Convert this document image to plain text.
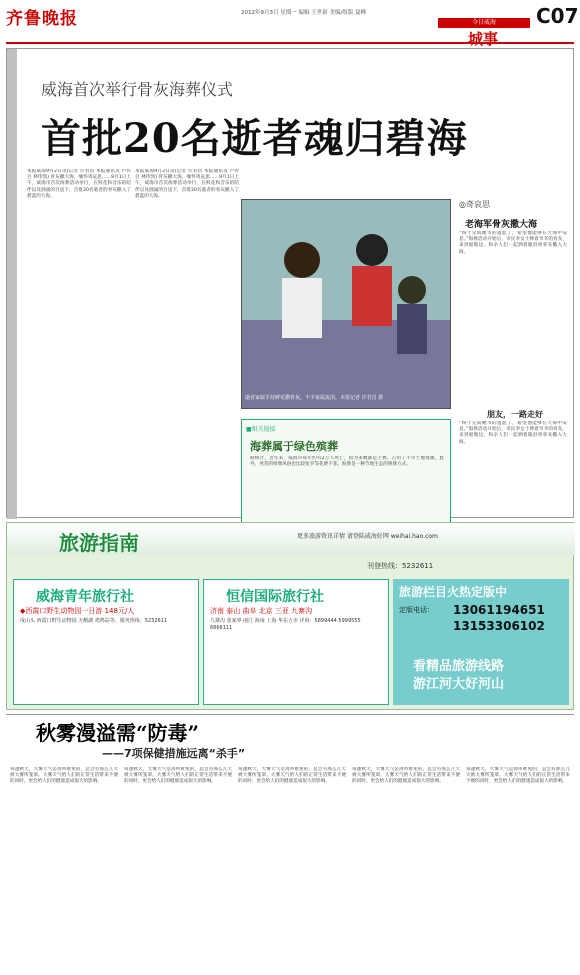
齐鲁晚报	2012年9月3日 星期一 编辑 王世新 美编/组版 夏峰
今日威海
城事
C07
威海首次举行骨灰海葬仪式
首批20名逝者魂归碧海
本报威海9月2日讯(记者 许君昌 本报通讯员 卢传 目 林伟凯) 骨灰撒大海，缅怀寄哀思……9月1日上午，威海市首次海葬活动举行，在鲜花和音乐的陪伴以及汹涌的目送下，首批20名逝者的骨灰撒入了碧蓝的大海。
本报威海9月2日讯(记者 许君昌 本报通讯员 卢传 目 林伟凯) 骨灰撒大海，缅怀寄哀思……9月1日上午，威海市首次海葬活动举行，在鲜花和音乐的陪伴以及汹涌的目送下，首批20名逝者的骨灰撒入了碧蓝的大海。
逝者家属手持鲜花撒骨灰，不少家属流泪。本报记者 许君昌 摄
◎奇哀思
老海军骨灰撒大海
“终于完成她爷的遗愿了，希望他能够在大海中安息。”海葬活动开始后，市民李女士捧着爷爷的骨灰，来到船舱边，和亲人们一起洒着眼泪将骨灰撒入大海。
朋友，一路走好
“终于完成她爷的遗愿了，希望他能够在大海中安息。”海葬活动开始后，市民李女士捧着爷爷的骨灰，来到船舱边，和亲人们一起洒着眼泪将骨灰撒入大海。
■相关链接
海葬属于绿色殡葬
据统计，近年来，威海市每年约有2万人死亡，因为多数都是土葬，占用了不少土地资源。此外，死者的殡葬风俗也比较张罗等花费不菲。海葬是一种节地生态的殡葬方式。
旅游指南	更多旅游资讯详情 请登陆威海好网 weihai.hao.com
刊登热线：5232611
威海青年旅行社
◆西霞口野生动物园一日游 148元/人
成山头 西霞口野生动物园 天鹅湖 鸡鸣岛等。服务热线：5232611
恒信国际旅行社
济南 泰山 曲阜 北京 三亚 九寨沟
九寨沟 张家界 丽江 海南 上海 华东五市 详询：5899444 5999555 6866111
旅游栏目火热定版中
定版电话： 13061194651
13153306102
看精品旅游线路
游江河大好河山
秋雾漫溢需“防毒”
——7项保健措施远离“杀手”
每逢秋天，大雾天气是再所难免的，总会有那么几天被大雾所笼罩。大雾天气给人们的正常生活带来不便的同时，更会给人们的健康造成很大的影响。
每逢秋天，大雾天气是再所难免的，总会有那么几天被大雾所笼罩。大雾天气给人们的正常生活带来不便的同时，更会给人们的健康造成很大的影响。
每逢秋天，大雾天气是再所难免的，总会有那么几天被大雾所笼罩。大雾天气给人们的正常生活带来不便的同时，更会给人们的健康造成很大的影响。
每逢秋天，大雾天气是再所难免的，总会有那么几天被大雾所笼罩。大雾天气给人们的正常生活带来不便的同时，更会给人们的健康造成很大的影响。
每逢秋天，大雾天气是再所难免的，总会有那么几天被大雾所笼罩。大雾天气给人们的正常生活带来不便的同时，更会给人们的健康造成很大的影响。
